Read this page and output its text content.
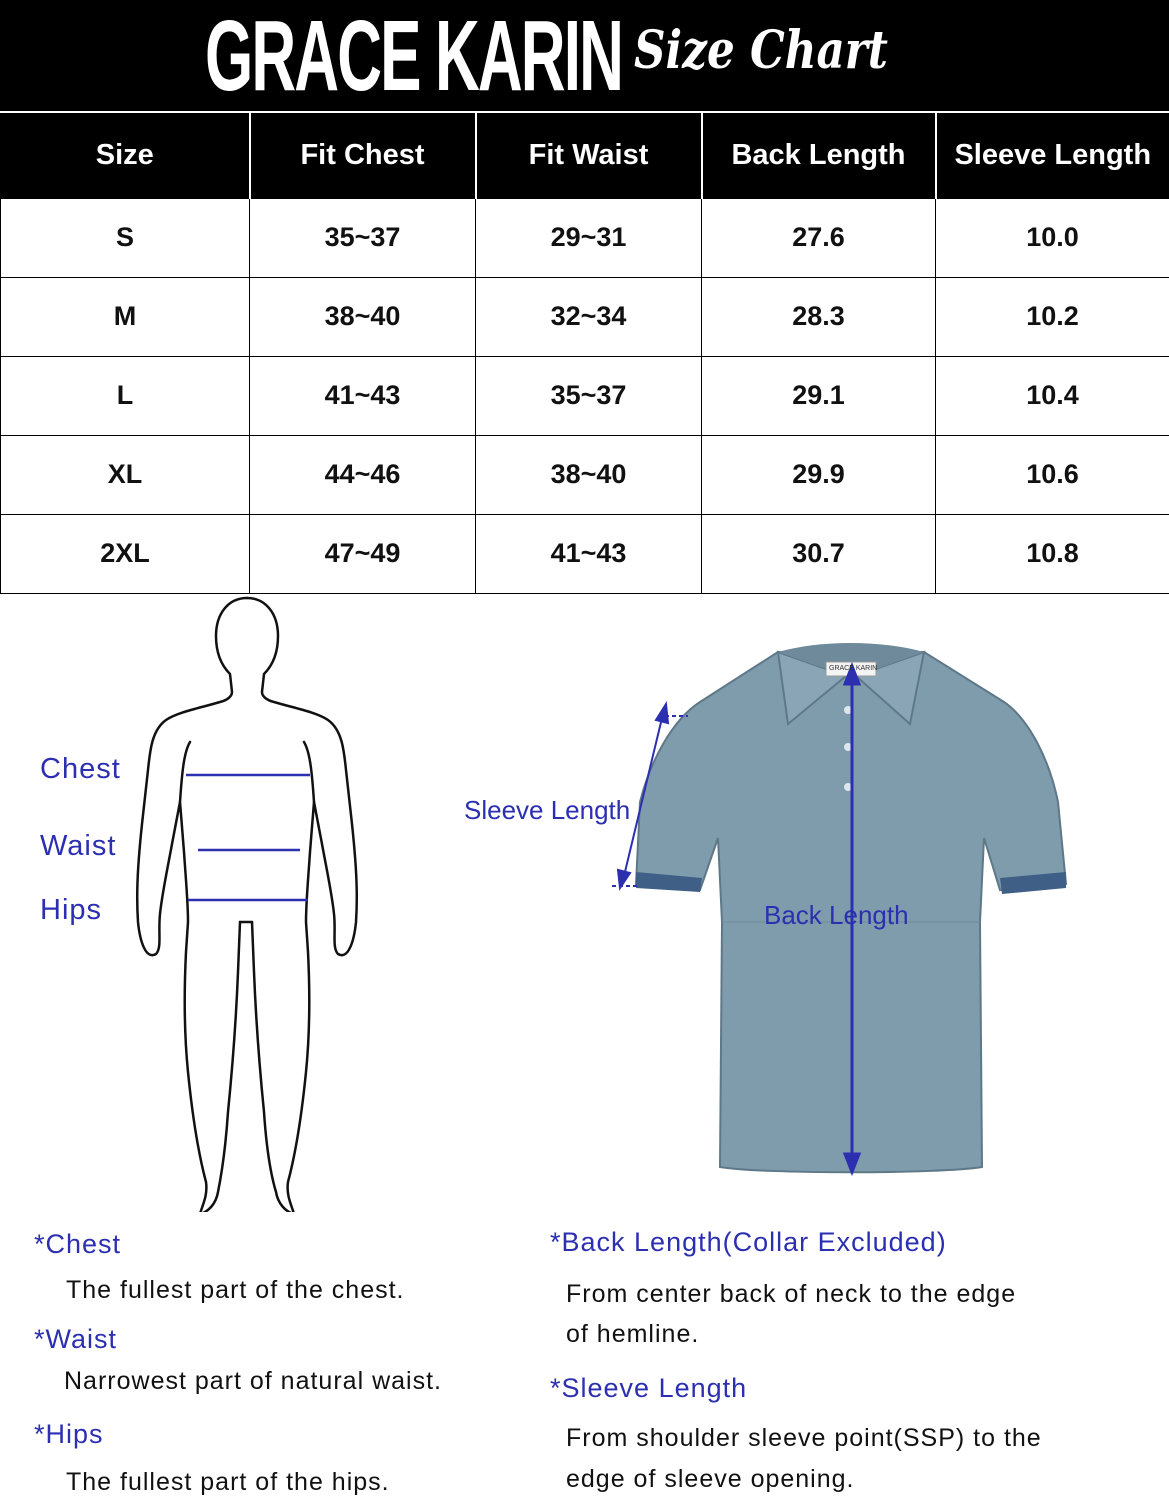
GRACE KARIN Size Chart
Size	Fit Chest	Fit Waist	Back Length	Sleeve Length
S	35~37	29~31	27.6	10.0
M	38~40	32~34	28.3	10.2
L	41~43	35~37	29.1	10.4
XL	44~46	38~40	29.9	10.6
2XL	47~49	41~43	30.7	10.8
Chest
Waist
Hips
Sleeve Length
Back Length
GRACE KARIN
*Chest
The fullest part of the chest.
*Waist
Narrowest part of natural waist.
*Hips
The fullest part of the hips.
*Back Length(Collar Excluded)
From center back of neck to the edge
of hemline.
*Sleeve Length
From shoulder sleeve point(SSP) to the
edge of sleeve opening.
